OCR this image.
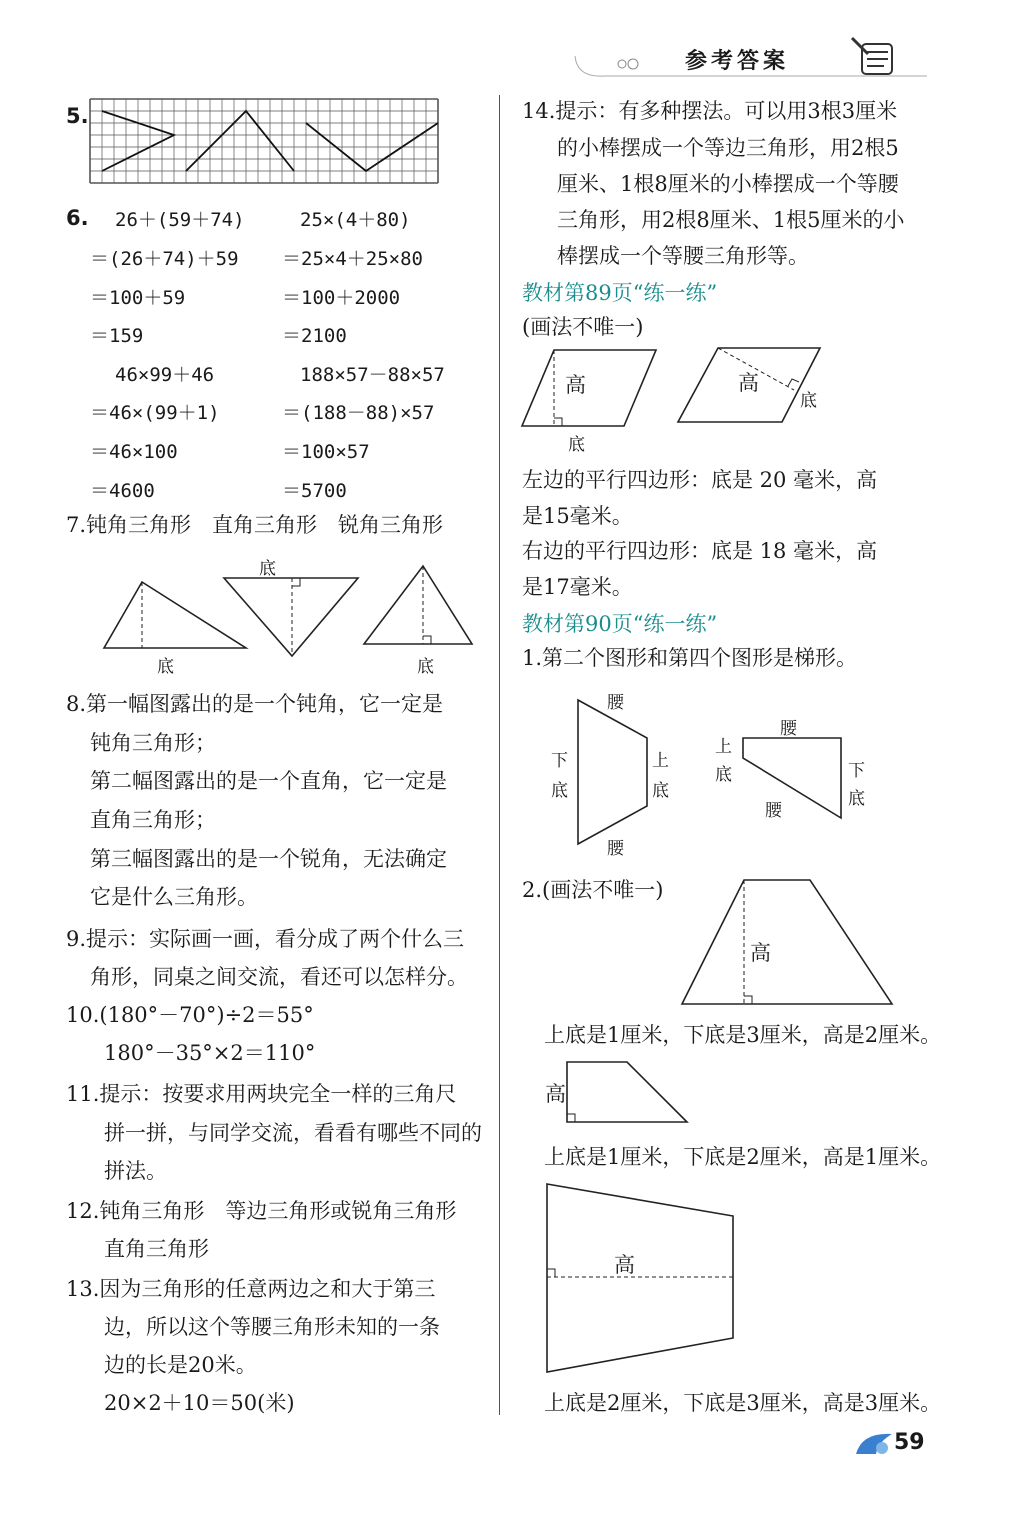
参考答案
5.
6. 26＋(59＋74)	25×(4＋80)
＝(26＋74)＋59 ＝25×4＋25×80
＝100＋59	＝100＋2000
＝159	＝2100
46×99＋46	188×57－88×57
＝46×(99＋1)	＝(188－88)×57
＝46×100	＝100×57
＝4600	＝5700
7.钝角三角形　直角三角形　锐角三角形
底
底
底
8.第一幅图露出的是一个钝角，它一定是
钝角三角形；
第二幅图露出的是一个直角，它一定是
直角三角形；
第三幅图露出的是一个锐角，无法确定
它是什么三角形。
9.提示：实际画一画，看分成了两个什么三
角形，同桌之间交流，看还可以怎样分。
10.(180°－70°)÷2＝55°
180°－35°×2＝110°
11.提示：按要求用两块完全一样的三角尺
拼一拼，与同学交流，看看有哪些不同的
拼法。
12.钝角三角形　等边三角形或锐角三角形
直角三角形
13.因为三角形的任意两边之和大于第三
边，所以这个等腰三角形未知的一条
边的长是20米。
20×2＋10＝50(米)
14.提示：有多种摆法。可以用3根3厘米
的小棒摆成一个等边三角形，用2根5
厘米、1根8厘米的小棒摆成一个等腰
三角形，用2根8厘米、1根5厘米的小
棒摆成一个等腰三角形等。
教材第89页“练一练”
(画法不唯一)
高
底
高
底
左边的平行四边形：底是 20 毫米，高
是15毫米。
右边的平行四边形：底是 18 毫米，高
是17毫米。
教材第90页“练一练”
1.第二个图形和第四个图形是梯形。
腰
腰
下
底
上
底
腰
上
底	下
底
腰
2.(画法不唯一)
高
上底是1厘米，下底是3厘米，高是2厘米。
高
上底是1厘米，下底是2厘米，高是1厘米。
高
上底是2厘米，下底是3厘米，高是3厘米。
59
